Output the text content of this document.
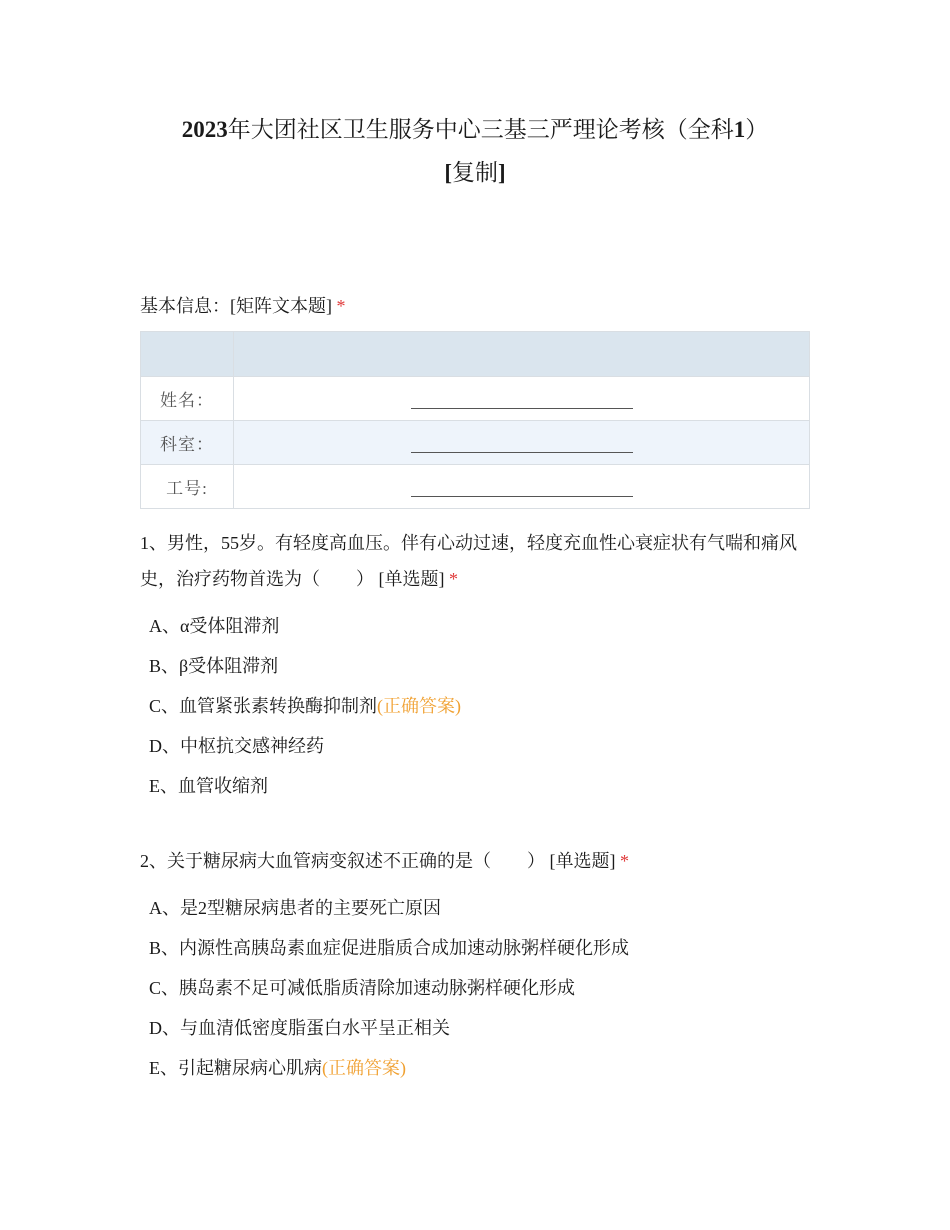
2023年大团社区卫生服务中心三基三严理论考核（全科1）
[复制]
基本信息：[矩阵文本题] *

姓名：	
科室：	
工号:	
1、男性，55岁。有轻度高血压。伴有心动过速，轻度充血性心衰症状有气喘和痛风史，治疗药物首选为（　　） [单选题] *
A、α受体阻滞剂
B、β受体阻滞剂
C、血管紧张素转换酶抑制剂(正确答案)
D、中枢抗交感神经药
E、血管收缩剂
2、关于糖尿病大血管病变叙述不正确的是（　　） [单选题] *
A、是2型糖尿病患者的主要死亡原因
B、内源性高胰岛素血症促进脂质合成加速动脉粥样硬化形成
C、胰岛素不足可减低脂质清除加速动脉粥样硬化形成
D、与血清低密度脂蛋白水平呈正相关
E、引起糖尿病心肌病(正确答案)
